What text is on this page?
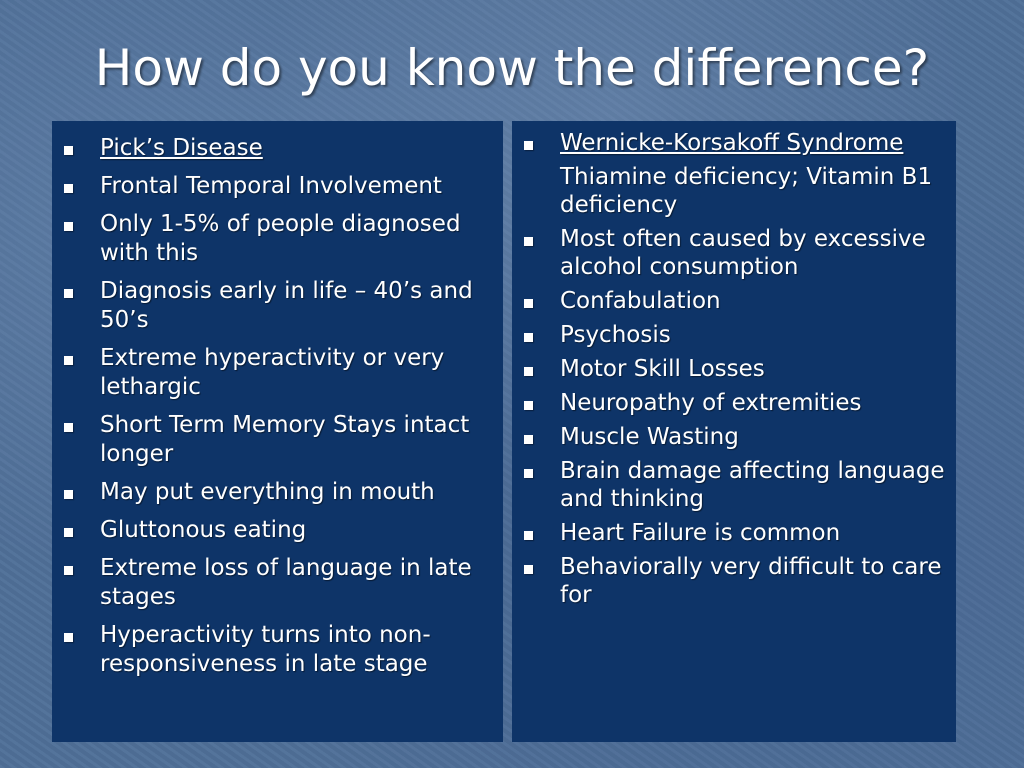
How do you know the difference?
Pick’s Disease
Frontal Temporal Involvement
Only 1-5% of people diagnosed with this
Diagnosis early in life – 40’s and 50’s
Extreme hyperactivity or very lethargic
Short Term Memory Stays intact longer
May put everything in mouth
Gluttonous eating
Extreme loss of language in late stages
Hyperactivity turns into non-responsiveness in late stage
Wernicke-Korsakoff Syndrome
Thiamine deficiency; Vitamin B1 deficiency
Most often caused by excessive alcohol consumption
Confabulation
Psychosis
Motor Skill Losses
Neuropathy of extremities
Muscle Wasting
Brain damage affecting language and thinking
Heart Failure is common
Behaviorally very difficult to care for
